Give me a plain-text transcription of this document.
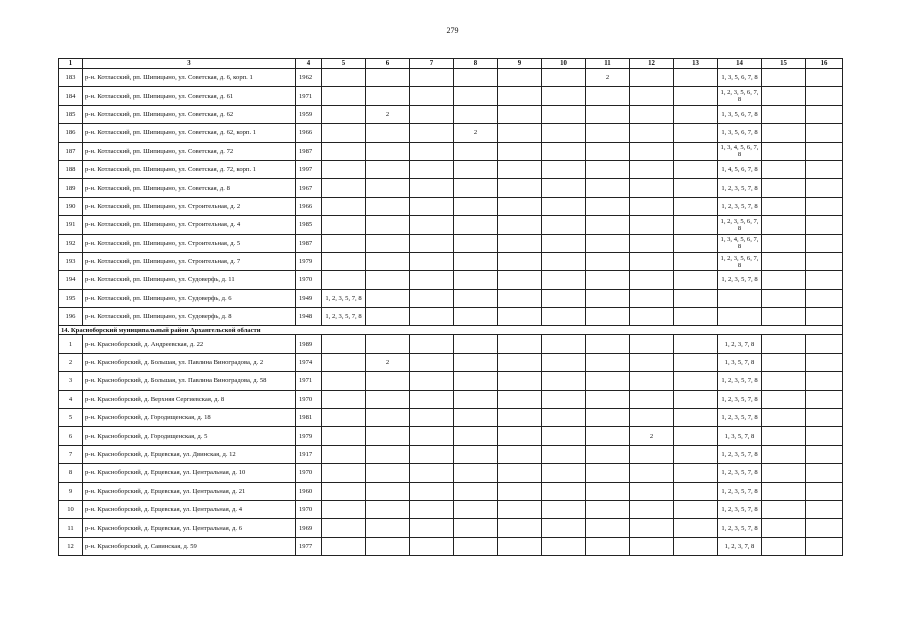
279
1	3	4	5	6	7	8	9	10	11	12	13	14	15	16
183	р-н. Котласский, рп. Шипицыно, ул. Советская, д. 6, корп. 1	1962							2			1, 3, 5, 6, 7, 8		
184	р-н. Котласский, рп. Шипицыно, ул. Советская, д. 61	1971										1, 2, 3, 5, 6, 7, 8		
185	р-н. Котласский, рп. Шипицыно, ул. Советская, д. 62	1959		2								1, 3, 5, 6, 7, 8		
186	р-н. Котласский, рп. Шипицыно, ул. Советская, д. 62, корп. 1	1966				2						1, 3, 5, 6, 7, 8		
187	р-н. Котласский, рп. Шипицыно, ул. Советская, д. 72	1987										1, 3, 4, 5, 6, 7, 8		
188	р-н. Котласский, рп. Шипицыно, ул. Советская, д. 72, корп. 1	1997										1, 4, 5, 6, 7, 8		
189	р-н. Котласский, рп. Шипицыно, ул. Советская, д. 8	1967										1, 2, 3, 5, 7, 8		
190	р-н. Котласский, рп. Шипицыно, ул. Строительная, д. 2	1966										1, 2, 3, 5, 7, 8		
191	р-н. Котласский, рп. Шипицыно, ул. Строительная, д. 4	1985										1, 2, 3, 5, 6, 7, 8		
192	р-н. Котласский, рп. Шипицыно, ул. Строительная, д. 5	1987										1, 3, 4, 5, 6, 7, 8		
193	р-н. Котласский, рп. Шипицыно, ул. Строительная, д. 7	1979										1, 2, 3, 5, 6, 7, 8		
194	р-н. Котласский, рп. Шипицыно, ул. Судоверфь, д. 11	1970										1, 2, 3, 5, 7, 8		
195	р-н. Котласский, рп. Шипицыно, ул. Судоверфь, д. 6	1949	1, 2, 3, 5, 7, 8											
196	р-н. Котласский, рп. Шипицыно, ул. Судоверфь, д. 8	1948	1, 2, 3, 5, 7, 8											
14. Красноборский муниципальный район Архангельской области														
1	р-н. Красноборский, д. Андреевская, д. 22	1989										1, 2, 3, 7, 8		
2	р-н. Красноборский, д. Большая, ул. Павлина Виноградова, д. 2	1974		2								1, 3, 5, 7, 8		
3	р-н. Красноборский, д. Большая, ул. Павлина Виноградова, д. 58	1971										1, 2, 3, 5, 7, 8		
4	р-н. Красноборский, д. Верхняя Сергиевская, д. 8	1970										1, 2, 3, 5, 7, 8		
5	р-н. Красноборский, д. Городищенская, д. 18	1981										1, 2, 3, 5, 7, 8		
6	р-н. Красноборский, д. Городищенская, д. 5	1979								2		1, 3, 5, 7, 8		
7	р-н. Красноборский, д. Ерцевская, ул. Двинская, д. 12	1917										1, 2, 3, 5, 7, 8		
8	р-н. Красноборский, д. Ерцевская, ул. Центральная, д. 10	1970										1, 2, 3, 5, 7, 8		
9	р-н. Красноборский, д. Ерцевская, ул. Центральная, д. 21	1960										1, 2, 3, 5, 7, 8		
10	р-н. Красноборский, д. Ерцевская, ул. Центральная, д. 4	1970										1, 2, 3, 5, 7, 8		
11	р-н. Красноборский, д. Ерцевская, ул. Центральная, д. 6	1969										1, 2, 3, 5, 7, 8		
12	р-н. Красноборский, д. Савинская, д. 59	1977										1, 2, 3, 7, 8		
